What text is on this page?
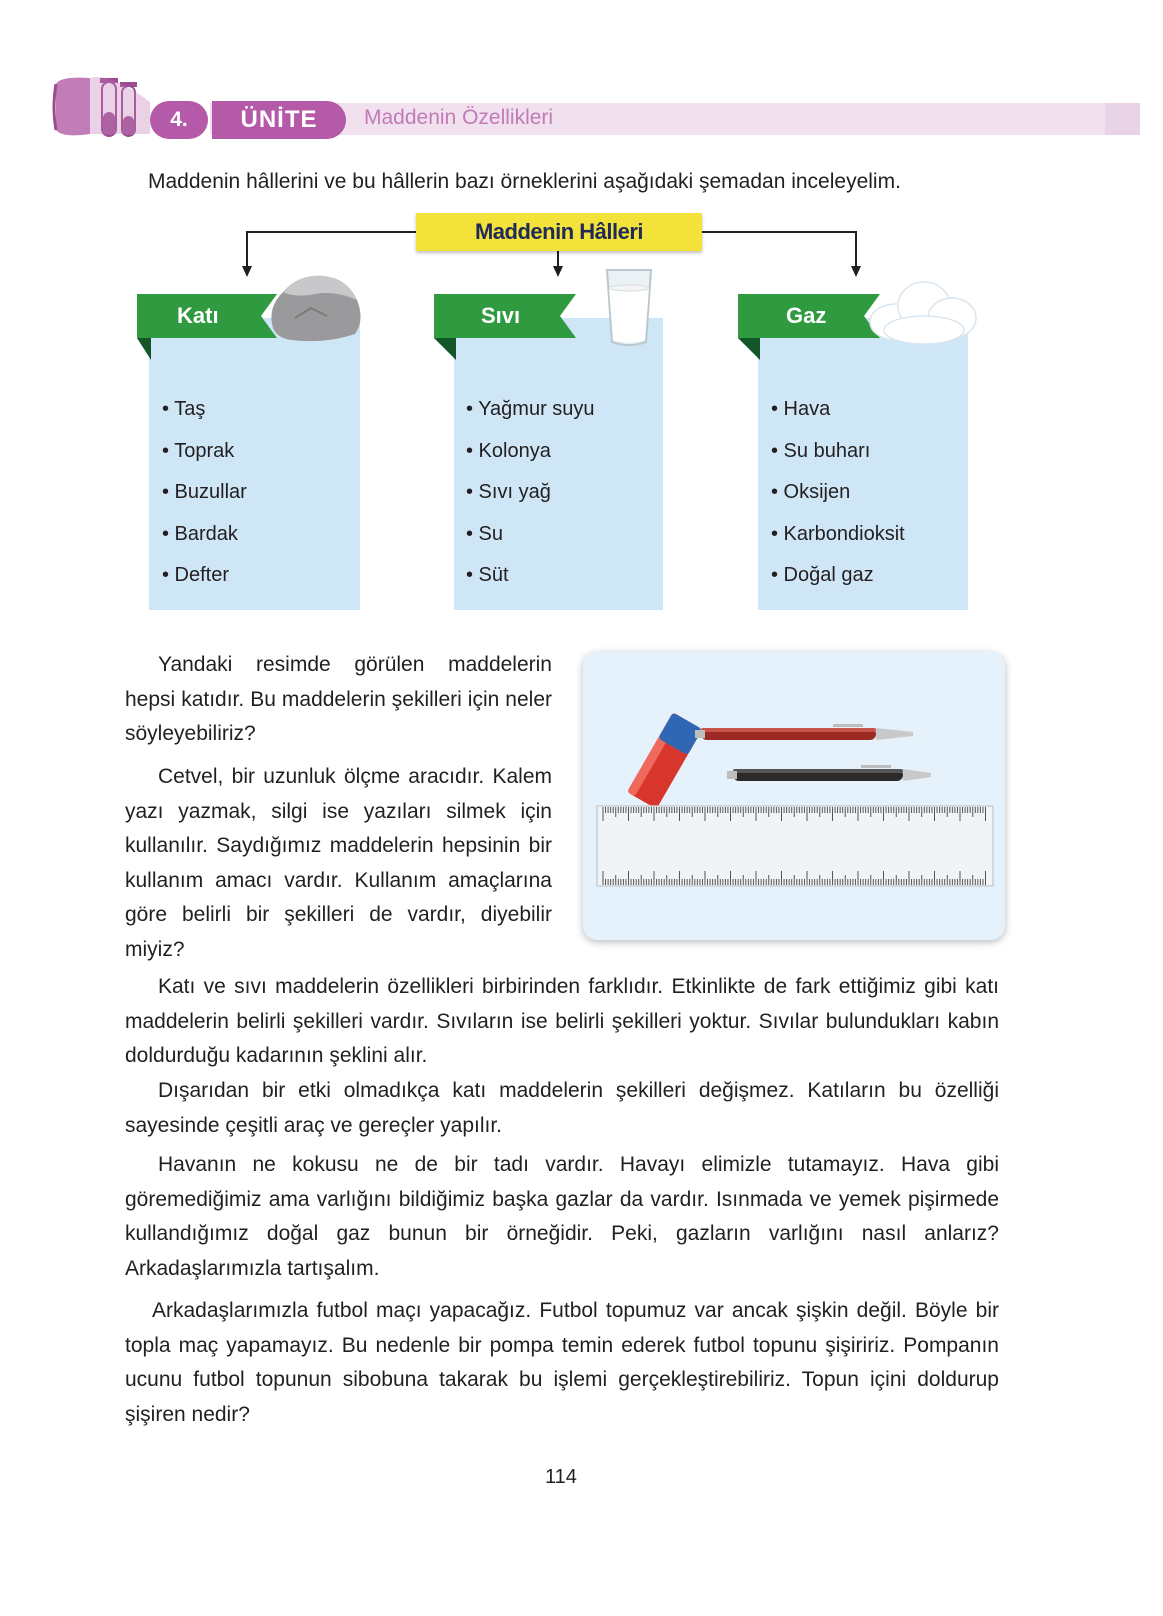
4.	ÜNİTE	Maddenin Özellikleri
Maddenin hâllerini ve bu hâllerin bazı örneklerini aşağıdaki şemadan inceleyelim.
Maddenin Hâlleri
Katı
• Taş
• Toprak
• Buzullar
• Bardak
• Defter
Sıvı
• Yağmur suyu
• Kolonya
• Sıvı yağ
• Su
• Süt
Gaz
• Hava
• Su buharı
• Oksijen
• Karbondioksit
• Doğal gaz
Yandaki resimde görülen maddelerin hepsi katıdır. Bu maddelerin şekilleri için neler söyleyebiliriz?
Cetvel, bir uzunluk ölçme aracıdır. Kalem yazı yazmak, silgi ise yazıları silmek için kullanılır. Saydığımız maddelerin hepsinin bir kullanım amacı vardır. Kullanım amaçlarına göre belirli bir şekilleri de vardır, diyebilir miyiz?
Katı ve sıvı maddelerin özellikleri birbirinden farklıdır. Etkinlikte de fark ettiğimiz gibi katı maddelerin belirli şekilleri vardır. Sıvıların ise belirli şekilleri yoktur. Sıvılar bulundukları kabın doldurduğu kadarının şeklini alır.
Dışarıdan bir etki olmadıkça katı maddelerin şekilleri değişmez. Katıların bu özelliği sayesinde çeşitli araç ve gereçler yapılır.
Havanın ne kokusu ne de bir tadı vardır. Havayı elimizle tutamayız. Hava gibi göremediğimiz ama varlığını bildiğimiz başka gazlar da vardır. Isınmada ve yemek pişirmede kullandığımız doğal gaz bunun bir örneğidir. Peki, gazların varlığını nasıl anlarız? Arkadaşlarımızla tartışalım.
Arkadaşlarımızla futbol maçı yapacağız. Futbol topumuz var ancak şişkin değil. Böyle bir topla maç yapamayız. Bu nedenle bir pompa temin ederek futbol topunu şişiririz. Pompanın ucunu futbol topunun sibobuna takarak bu işlemi gerçekleştirebiliriz. Topun içini doldurup şişiren nedir?
114
